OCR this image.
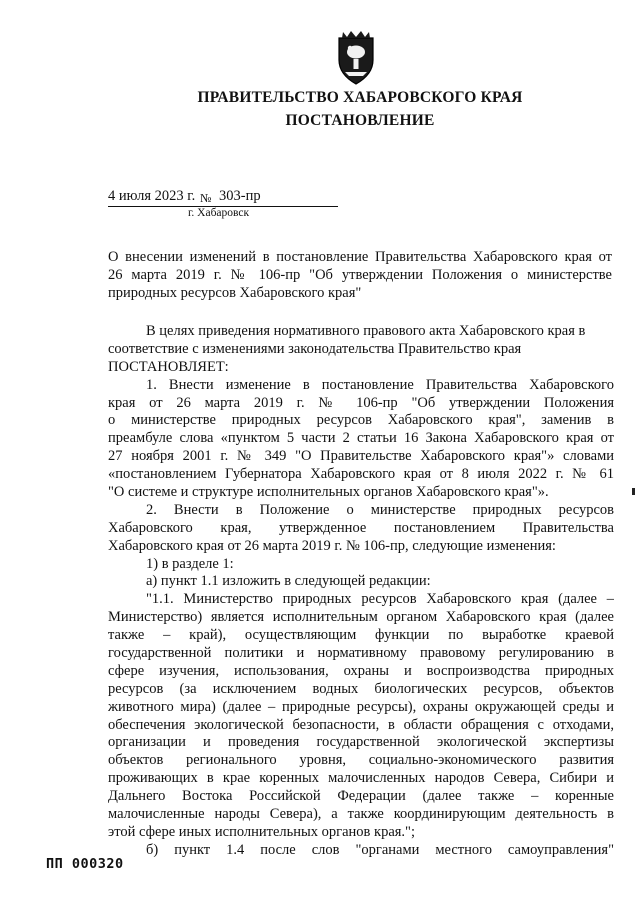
ПРАВИТЕЛЬСТВО ХАБАРОВСКОГО КРАЯ
ПОСТАНОВЛЕНИЕ
4 июля 2023 г. № 303-пр
г. Хабаровск
О внесении изменений в постановление Правительства Хабаровского края от
26 марта 2019 г. № 106-пр "Об утверждении Положения о министерстве
природных ресурсов Хабаровского края"
В целях приведения нормативного правового акта Хабаровского края в
соответствие с изменениями законодательства Правительство края
ПОСТАНОВЛЯЕТ:
1. Внести изменение в постановление Правительства Хабаровского
края от 26 марта 2019 г. № 106-пр "Об утверждении Положения
о министерстве природных ресурсов Хабаровского края", заменив в
преамбуле слова «пунктом 5 части 2 статьи 16 Закона Хабаровского края от
27 ноября 2001 г. № 349 "О Правительстве Хабаровского края"» словами
«постановлением Губернатора Хабаровского края от 8 июля 2022 г. № 61
"О системе и структуре исполнительных органов Хабаровского края"».
2. Внести в Положение о министерстве природных ресурсов
Хабаровского края, утвержденное постановлением Правительства
Хабаровского края от 26 марта 2019 г. № 106-пр, следующие изменения:
1) в разделе 1:
а) пункт 1.1 изложить в следующей редакции:
"1.1. Министерство природных ресурсов Хабаровского края (далее –
Министерство) является исполнительным органом Хабаровского края (далее
также – край), осуществляющим функции по выработке краевой
государственной политики и нормативному правовому регулированию в
сфере изучения, использования, охраны и воспроизводства природных
ресурсов (за исключением водных биологических ресурсов, объектов
животного мира) (далее – природные ресурсы), охраны окружающей среды и
обеспечения экологической безопасности, в области обращения с отходами,
организации и проведения государственной экологической экспертизы
объектов регионального уровня, социально-экономического развития
проживающих в крае коренных малочисленных народов Севера, Сибири и
Дальнего Востока Российской Федерации (далее также – коренные
малочисленные народы Севера), а также координирующим деятельность в
этой сфере иных исполнительных органов края.";
б) пункт 1.4 после слов "органами местного самоуправления"
ПП 000320
